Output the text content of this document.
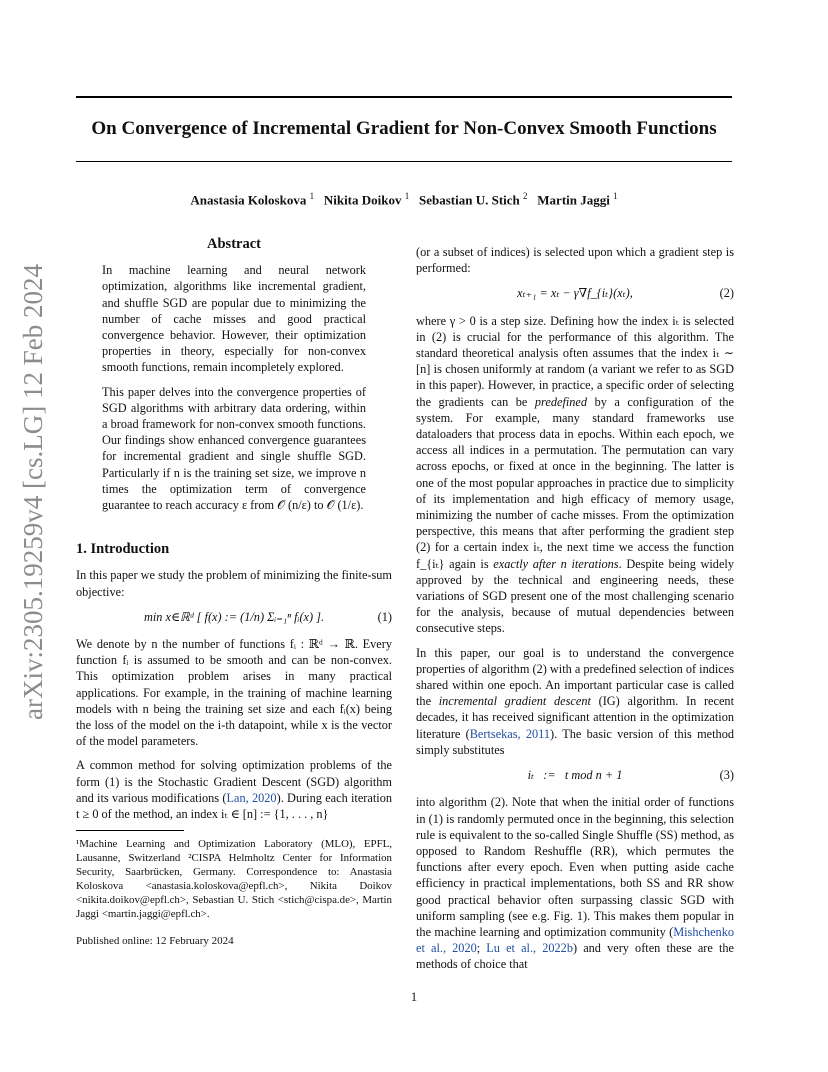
arXiv:2305.19259v4 [cs.LG] 12 Feb 2024
On Convergence of Incremental Gradient for Non-Convex Smooth Functions
Anastasia Koloskova $^1$ Nikita Doikov $^1$ Sebastian U. Stich $^2$ Martin Jaggi $^1$
Abstract

In machine learning and neural network optimization, algorithms like incremental gradient, and shuffle SGD are popular due to minimizing the number of cache misses and good practical convergence behavior. However, their optimization properties in theory, especially for non-convex smooth functions, remain incompletely explored.

This paper delves into the convergence properties of SGD algorithms with arbitrary data ordering, within a broad framework for non-convex smooth functions. Our findings show enhanced convergence guarantees for incremental gradient and single shuffle SGD. Particularly if n is the training set size, we improve n times the optimization term of convergence guarantee to reach accuracy ε from 𝒪 (n/ε) to 𝒪 (1/ε).

1. Introduction

In this paper we study the problem of minimizing the finite-sum objective:

min x∈ℝᵈ [ f(x) := (1/n) Σᵢ₌₁ⁿ fᵢ(x) ].	(1)

We denote by n the number of functions fᵢ : ℝᵈ → ℝ. Every function fᵢ is assumed to be smooth and can be non-convex. This optimization problem arises in many practical applications. For example, in the training of machine learning models with n being the training set size and each fᵢ(x) being the loss of the model on the i-th datapoint, while x is the vector of the model parameters.

A common method for solving optimization problems of the form (1) is the Stochastic Gradient Descent (SGD) algorithm and its various modifications (Lan, 2020). During each iteration t ≥ 0 of the method, an index iₜ ∈ [n] := {1, . . . , n}

¹Machine Learning and Optimization Laboratory (MLO), EPFL, Lausanne, Switzerland ²CISPA Helmholtz Center for Information Security, Saarbrücken, Germany. Correspondence to: Anastasia Koloskova <anastasia.koloskova@epfl.ch>, Nikita Doikov <nikita.doikov@epfl.ch>, Sebastian U. Stich <stich@cispa.de>, Martin Jaggi <martin.jaggi@epfl.ch>.
Published online: 12 February 2024

(or a subset of indices) is selected upon which a gradient step is performed:

xₜ₊₁ = xₜ − γ∇f_{iₜ}(xₜ),	(2)

where γ > 0 is a step size. Defining how the index iₜ is selected in (2) is crucial for the performance of this algorithm. The standard theoretical analysis often assumes that the index iₜ ∼ [n] is chosen uniformly at random (a variant we refer to as SGD in this paper). However, in practice, a specific order of selecting the gradients can be predefined by a configuration of the system. For example, many standard frameworks use dataloaders that process data in epochs. Within each epoch, we access all indices in a permutation. The permutation can vary across epochs, or fixed at once in the beginning. The latter is one of the most popular approaches in practice due to simplicity of its implementation and high efficacy of memory usage, minimizing the number of cache misses. From the optimization perspective, this means that after performing the gradient step (2) for a certain index iₜ, the next time we access the function f_{iₜ} again is exactly after n iterations. Despite being widely approved by the technical and engineering needs, these variations of SGD present one of the most challenging scenario for the analysis, because of mutual dependencies between consecutive steps.

In this paper, our goal is to understand the convergence properties of algorithm (2) with a predefined selection of indices shared within one epoch. An important particular case is called the incremental gradient descent (IG) algorithm. In recent decades, it has received significant attention in the optimization literature (Bertsekas, 2011). The basic version of this method simply substitutes

iₜ   :=   t mod n + 1	(3)

into algorithm (2). Note that when the initial order of functions in (1) is randomly permuted once in the beginning, this selection rule is equivalent to the so-called Single Shuffle (SS) method, as opposed to Random Reshuffle (RR), which permutes the functions after every epoch. Even when putting aside cache efficiency in practical implementations, both SS and RR show good practical behavior often surpassing classic SGD with uniform sampling (see e.g. Fig. 1). This makes them popular in the machine learning and optimization community (Mishchenko et al., 2020; Lu et al., 2022b) and very often these are the methods of choice that

1
